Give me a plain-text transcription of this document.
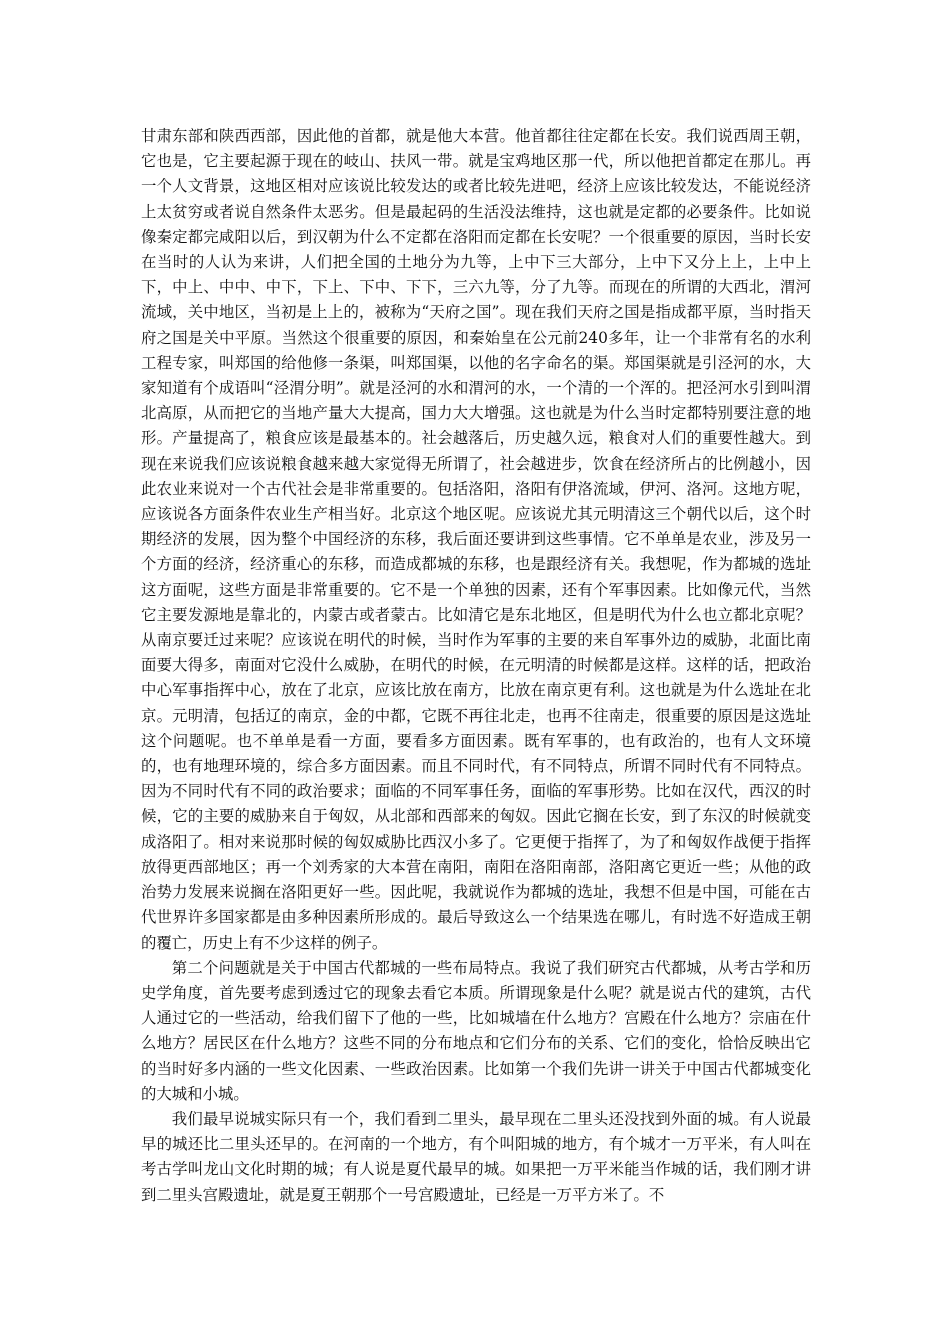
甘肃东部和陕西西部，因此他的首都，就是他大本营。他首都往往定都在长安。我们说西周王朝，它也是，它主要起源于现在的岐山、扶风一带。就是宝鸡地区那一代，所以他把首都定在那儿。再一个人文背景，这地区相对应该说比较发达的或者比较先进吧，经济上应该比较发达，不能说经济上太贫穷或者说自然条件太恶劣。但是最起码的生活没法维持，这也就是定都的必要条件。比如说像秦定都完咸阳以后，到汉朝为什么不定都在洛阳而定都在长安呢？一个很重要的原因，当时长安在当时的人认为来讲，人们把全国的土地分为九等，上中下三大部分，上中下又分上上，上中上下，中上、中中、中下，下上、下中、下下，三六九等，分了九等。而现在的所谓的大西北，渭河流域，关中地区，当初是上上的，被称为“天府之国”。现在我们天府之国是指成都平原，当时指天府之国是关中平原。当然这个很重要的原因，和秦始皇在公元前240多年，让一个非常有名的水利工程专家，叫郑国的给他修一条渠，叫郑国渠，以他的名字命名的渠。郑国渠就是引泾河的水，大家知道有个成语叫“泾渭分明”。就是泾河的水和渭河的水，一个清的一个浑的。把泾河水引到叫渭北高原，从而把它的当地产量大大提高，国力大大增强。这也就是为什么当时定都特别要注意的地形。产量提高了，粮食应该是最基本的。社会越落后，历史越久远，粮食对人们的重要性越大。到现在来说我们应该说粮食越来越大家觉得无所谓了，社会越进步，饮食在经济所占的比例越小，因此农业来说对一个古代社会是非常重要的。包括洛阳，洛阳有伊洛流域，伊河、洛河。这地方呢，应该说各方面条件农业生产相当好。北京这个地区呢。应该说尤其元明清这三个朝代以后，这个时期经济的发展，因为整个中国经济的东移，我后面还要讲到这些事情。它不单单是农业，涉及另一个方面的经济，经济重心的东移，而造成都城的东移，也是跟经济有关。我想呢，作为都城的选址这方面呢，这些方面是非常重要的。它不是一个单独的因素，还有个军事因素。比如像元代，当然它主要发源地是靠北的，内蒙古或者蒙古。比如清它是东北地区，但是明代为什么也立都北京呢？从南京要迁过来呢？应该说在明代的时候，当时作为军事的主要的来自军事外边的威胁，北面比南面要大得多，南面对它没什么威胁，在明代的时候，在元明清的时候都是这样。这样的话，把政治中心军事指挥中心，放在了北京，应该比放在南方，比放在南京更有利。这也就是为什么选址在北京。元明清，包括辽的南京，金的中都，它既不再往北走，也再不往南走，很重要的原因是这选址这个问题呢。也不单单是看一方面，要看多方面因素。既有军事的，也有政治的，也有人文环境的，也有地理环境的，综合多方面因素。而且不同时代，有不同特点，所谓不同时代有不同特点。因为不同时代有不同的政治要求；面临的不同军事任务，面临的军事形势。比如在汉代，西汉的时候，它的主要的威胁来自于匈奴，从北部和西部来的匈奴。因此它搁在长安，到了东汉的时候就变成洛阳了。相对来说那时候的匈奴威胁比西汉小多了。它更便于指挥了，为了和匈奴作战便于指挥放得更西部地区；再一个刘秀家的大本营在南阳，南阳在洛阳南部，洛阳离它更近一些；从他的政治势力发展来说搁在洛阳更好一些。因此呢，我就说作为都城的选址，我想不但是中国，可能在古代世界许多国家都是由多种因素所形成的。最后导致这么一个结果选在哪儿，有时选不好造成王朝的覆亡，历史上有不少这样的例子。

第二个问题就是关于中国古代都城的一些布局特点。我说了我们研究古代都城，从考古学和历史学角度，首先要考虑到透过它的现象去看它本质。所谓现象是什么呢？就是说古代的建筑，古代人通过它的一些活动，给我们留下了他的一些，比如城墙在什么地方？宫殿在什么地方？宗庙在什么地方？居民区在什么地方？这些不同的分布地点和它们分布的关系、它们的变化，恰恰反映出它的当时好多内涵的一些文化因素、一些政治因素。比如第一个我们先讲一讲关于中国古代都城变化的大城和小城。

我们最早说城实际只有一个，我们看到二里头，最早现在二里头还没找到外面的城。有人说最早的城还比二里头还早的。在河南的一个地方，有个叫阳城的地方，有个城才一万平米，有人叫在考古学叫龙山文化时期的城；有人说是夏代最早的城。如果把一万平米能当作城的话，我们刚才讲到二里头宫殿遗址，就是夏王朝那个一号宫殿遗址，已经是一万平方米了。不
